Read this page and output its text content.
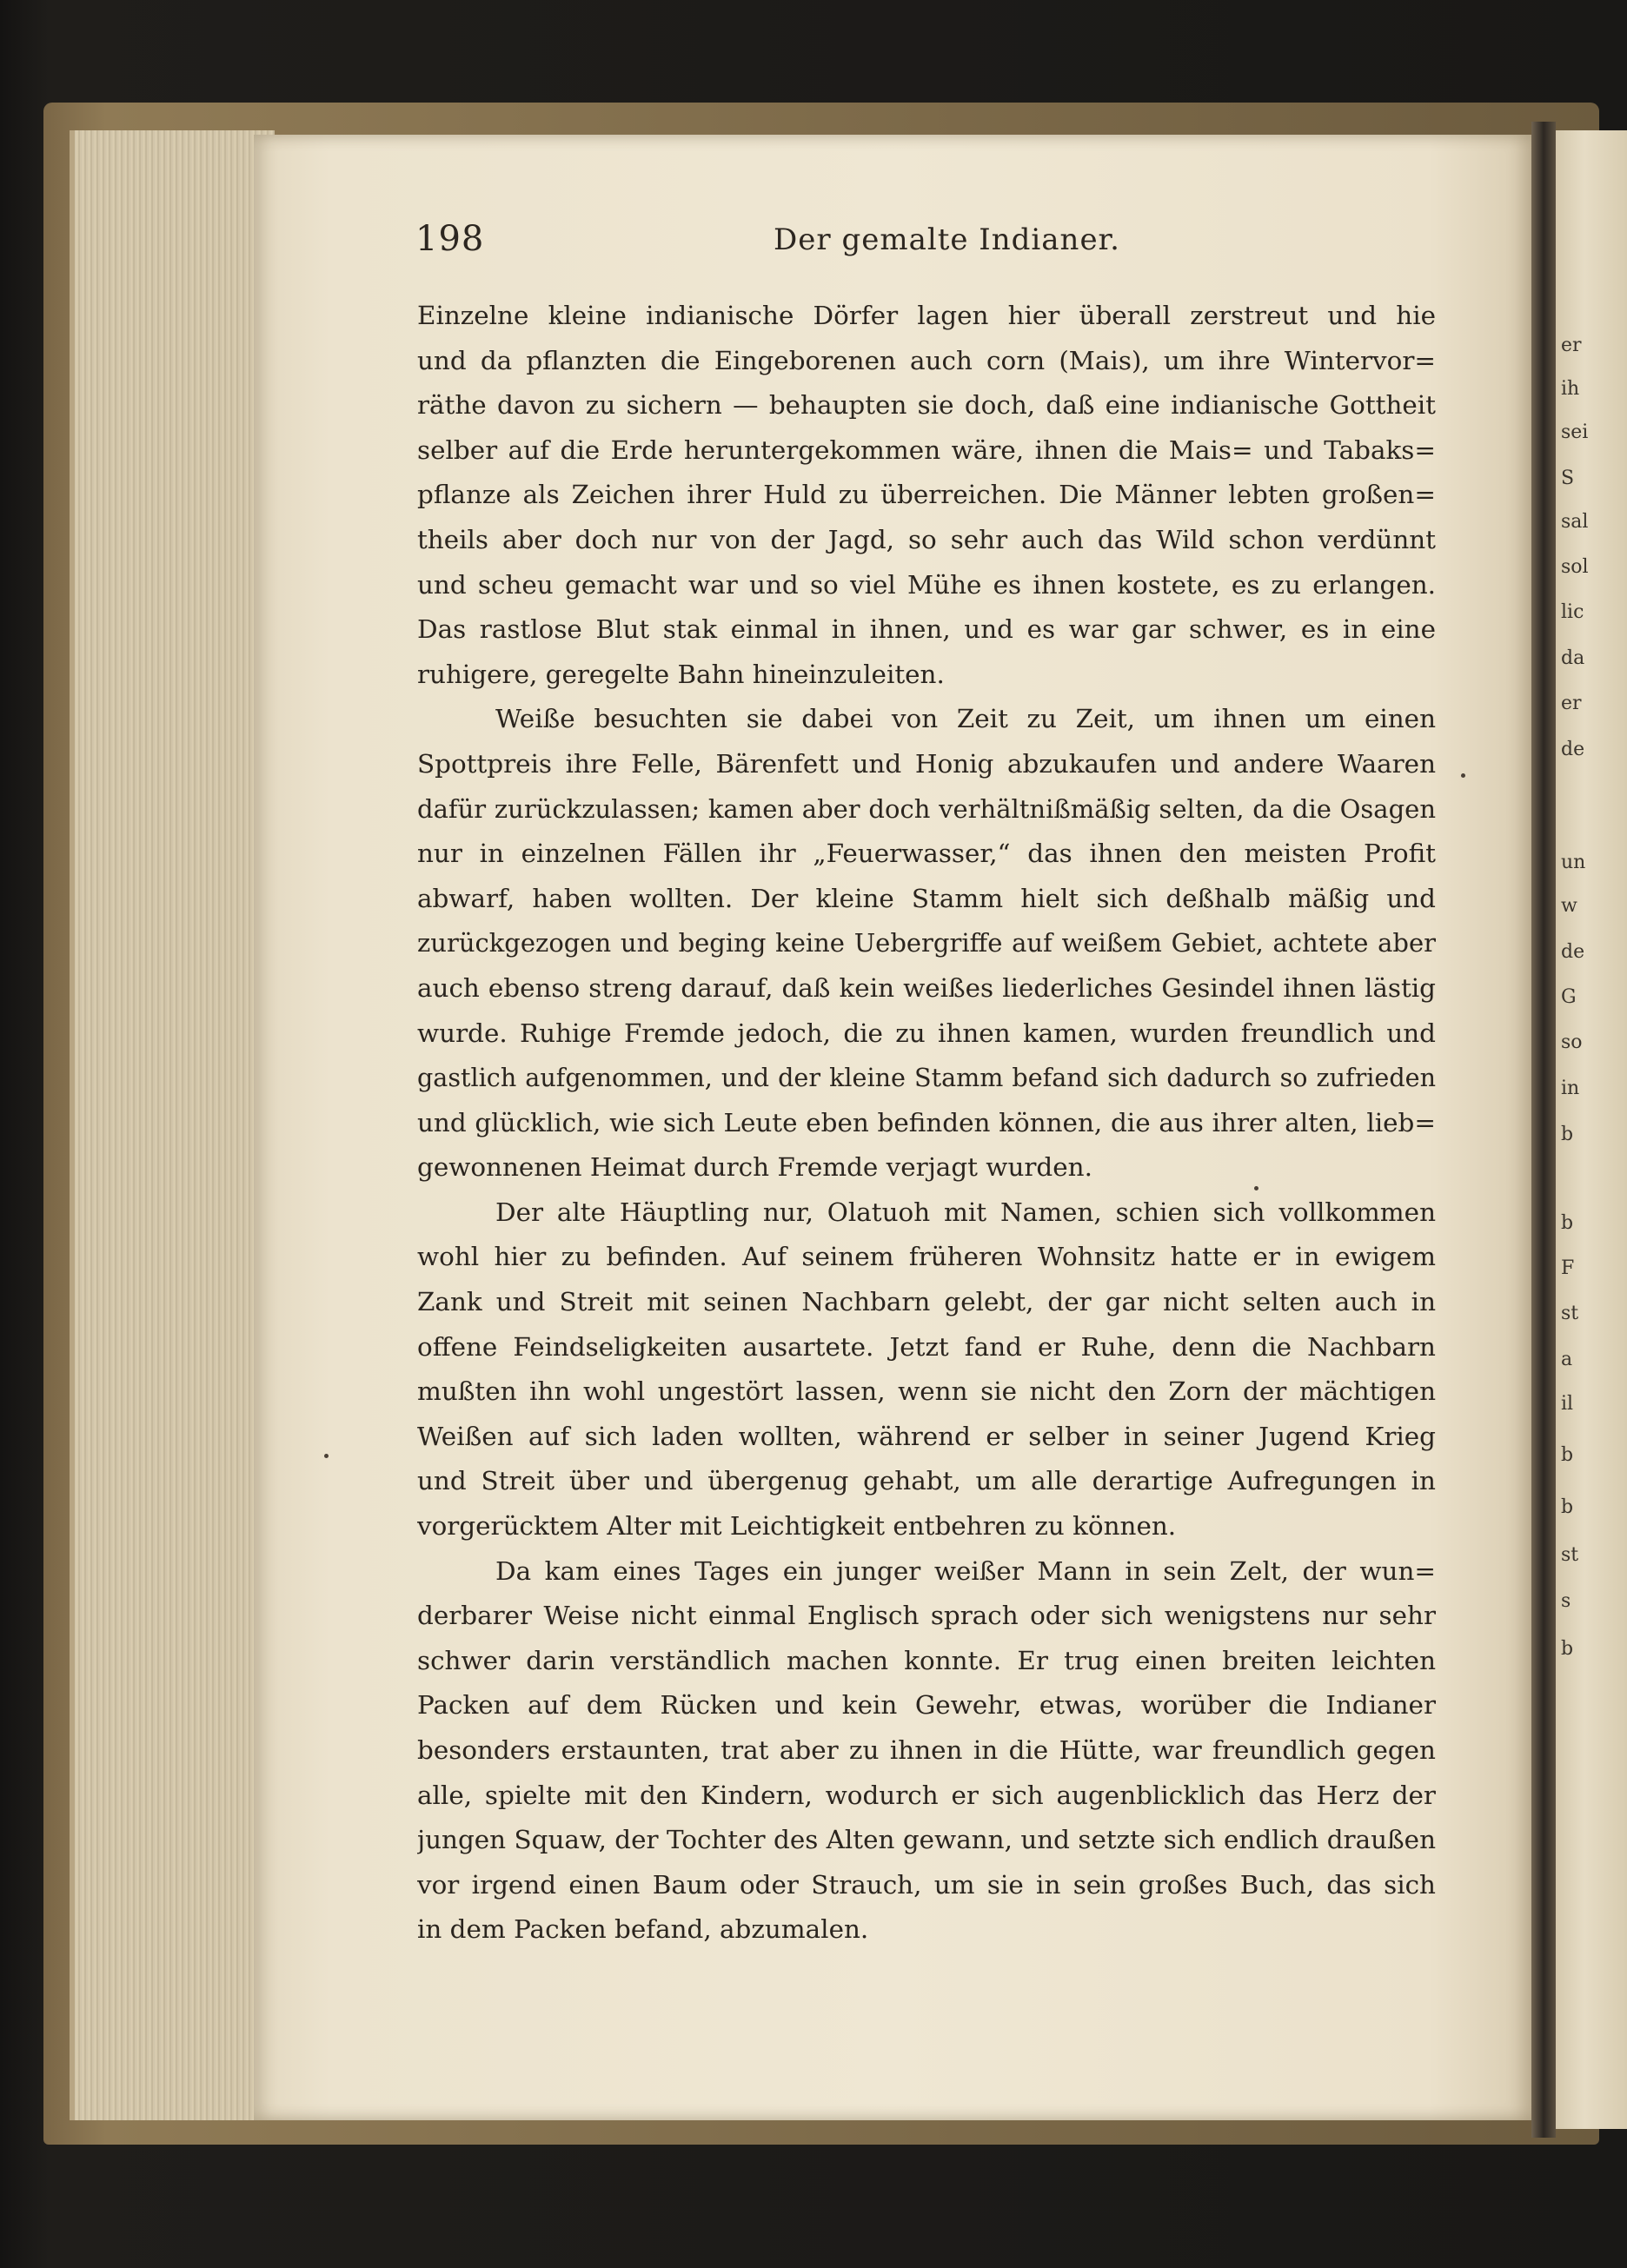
er
ih
sei
S
sal
sol
lic
da
er
de
un
w
de
G
so
in
b
b
F
st
a
il
b
b
st
s
b
198	Der gemalte Indianer.
Einzelne kleine indianische Dörfer lagen hier überall zerstreut und hie
und da pflanzten die Eingeborenen auch corn (Mais), um ihre Wintervor=
räthe davon zu sichern — behaupten sie doch, daß eine indianische Gottheit
selber auf die Erde heruntergekommen wäre, ihnen die Mais= und Tabaks=
pflanze als Zeichen ihrer Huld zu überreichen. Die Männer lebten großen=
theils aber doch nur von der Jagd, so sehr auch das Wild schon verdünnt
und scheu gemacht war und so viel Mühe es ihnen kostete, es zu erlangen.
Das rastlose Blut stak einmal in ihnen, und es war gar schwer, es in eine
ruhigere, geregelte Bahn hineinzuleiten.
Weiße besuchten sie dabei von Zeit zu Zeit, um ihnen um einen
Spottpreis ihre Felle, Bärenfett und Honig abzukaufen und andere Waaren
dafür zurückzulassen; kamen aber doch verhältnißmäßig selten, da die Osagen
nur in einzelnen Fällen ihr „Feuerwasser,“ das ihnen den meisten Profit
abwarf, haben wollten. Der kleine Stamm hielt sich deßhalb mäßig und
zurückgezogen und beging keine Uebergriffe auf weißem Gebiet, achtete aber
auch ebenso streng darauf, daß kein weißes liederliches Gesindel ihnen lästig
wurde. Ruhige Fremde jedoch, die zu ihnen kamen, wurden freundlich und
gastlich aufgenommen, und der kleine Stamm befand sich dadurch so zufrieden
und glücklich, wie sich Leute eben befinden können, die aus ihrer alten, lieb=
gewonnenen Heimat durch Fremde verjagt wurden.
Der alte Häuptling nur, Olatuoh mit Namen, schien sich vollkommen
wohl hier zu befinden. Auf seinem früheren Wohnsitz hatte er in ewigem
Zank und Streit mit seinen Nachbarn gelebt, der gar nicht selten auch in
offene Feindseligkeiten ausartete. Jetzt fand er Ruhe, denn die Nachbarn
mußten ihn wohl ungestört lassen, wenn sie nicht den Zorn der mächtigen
Weißen auf sich laden wollten, während er selber in seiner Jugend Krieg
und Streit über und übergenug gehabt, um alle derartige Aufregungen in
vorgerücktem Alter mit Leichtigkeit entbehren zu können.
Da kam eines Tages ein junger weißer Mann in sein Zelt, der wun=
derbarer Weise nicht einmal Englisch sprach oder sich wenigstens nur sehr
schwer darin verständlich machen konnte. Er trug einen breiten leichten
Packen auf dem Rücken und kein Gewehr, etwas, worüber die Indianer
besonders erstaunten, trat aber zu ihnen in die Hütte, war freundlich gegen
alle, spielte mit den Kindern, wodurch er sich augenblicklich das Herz der
jungen Squaw, der Tochter des Alten gewann, und setzte sich endlich draußen
vor irgend einen Baum oder Strauch, um sie in sein großes Buch, das sich
in dem Packen befand, abzumalen.
